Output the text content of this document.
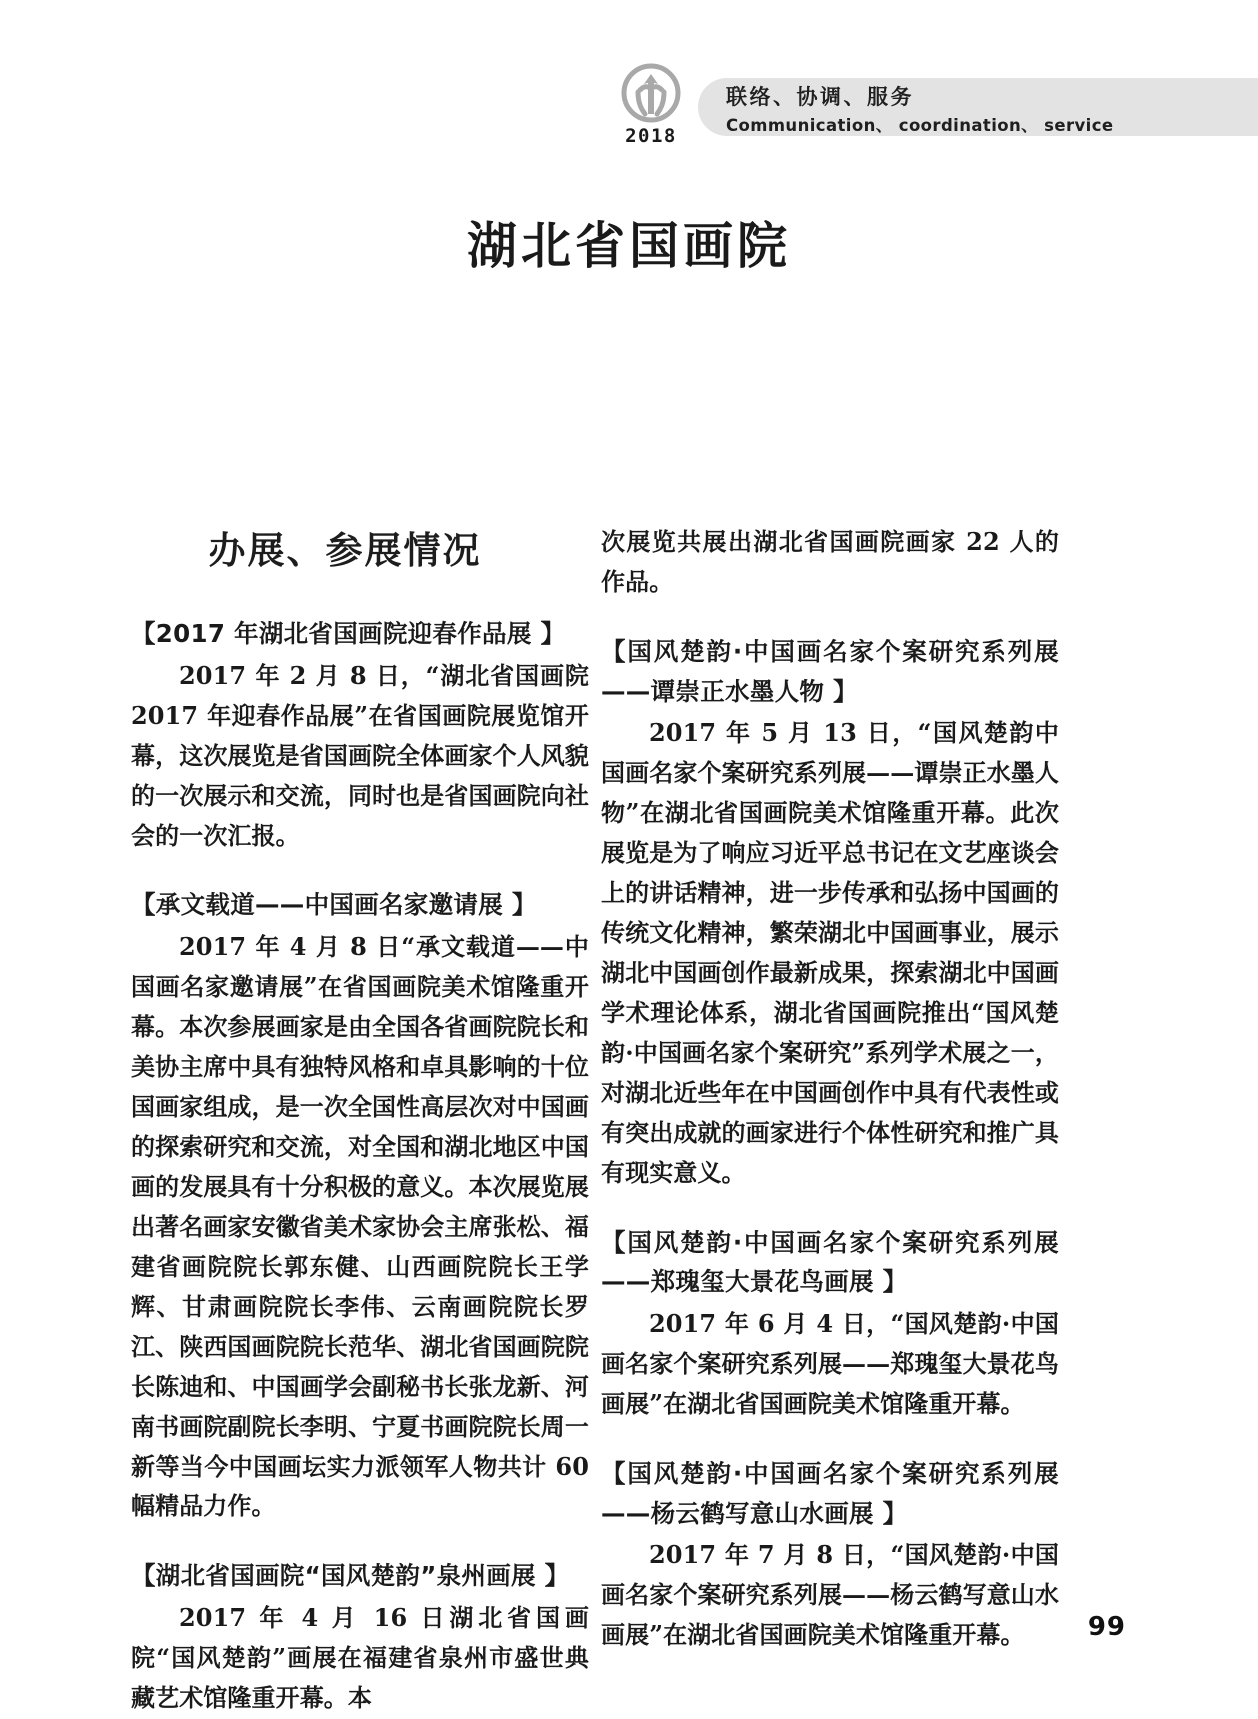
2018
联络、协调、服务
Communication、 coordination、 service
湖北省国画院
办展、参展情况
【2017 年湖北省国画院迎春作品展 】

2017 年 2 月 8 日，“湖北省国画院 2017 年迎春作品展”在省国画院展览馆开幕，这次展览是省国画院全体画家个人风貌的一次展示和交流，同时也是省国画院向社会的一次汇报。

【承文载道——中国画名家邀请展 】

2017 年 4 月 8 日“承文载道——中国画名家邀请展”在省国画院美术馆隆重开幕。本次参展画家是由全国各省画院院长和美协主席中具有独特风格和卓具影响的十位国画家组成，是一次全国性高层次对中国画的探索研究和交流，对全国和湖北地区中国画的发展具有十分积极的意义。本次展览展出著名画家安徽省美术家协会主席张松、福建省画院院长郭东健、山西画院院长王学辉、甘肃画院院长李伟、云南画院院长罗江、陕西国画院院长范华、湖北省国画院院长陈迪和、中国画学会副秘书长张龙新、河南书画院副院长李明、宁夏书画院院长周一新等当今中国画坛实力派领军人物共计 60 幅精品力作。

【湖北省国画院“国风楚韵”泉州画展 】

2017 年 4 月 16 日湖北省国画院“国风楚韵”画展在福建省泉州市盛世典藏艺术馆隆重开幕。本

次展览共展出湖北省国画院画家 22 人的作品。

【国风楚韵·中国画名家个案研究系列展——谭崇正水墨人物 】

2017 年 5 月 13 日，“国风楚韵中国画名家个案研究系列展——谭崇正水墨人物”在湖北省国画院美术馆隆重开幕。此次展览是为了响应习近平总书记在文艺座谈会上的讲话精神，进一步传承和弘扬中国画的传统文化精神，繁荣湖北中国画事业，展示湖北中国画创作最新成果，探索湖北中国画学术理论体系，湖北省国画院推出“国风楚韵·中国画名家个案研究”系列学术展之一，对湖北近些年在中国画创作中具有代表性或有突出成就的画家进行个体性研究和推广具有现实意义。

【国风楚韵·中国画名家个案研究系列展——郑瑰玺大景花鸟画展 】

2017 年 6 月 4 日，“国风楚韵·中国画名家个案研究系列展——郑瑰玺大景花鸟画展”在湖北省国画院美术馆隆重开幕。

【国风楚韵·中国画名家个案研究系列展——杨云鹤写意山水画展 】

2017 年 7 月 8 日，“国风楚韵·中国画名家个案研究系列展——杨云鹤写意山水画展”在湖北省国画院美术馆隆重开幕。	99
